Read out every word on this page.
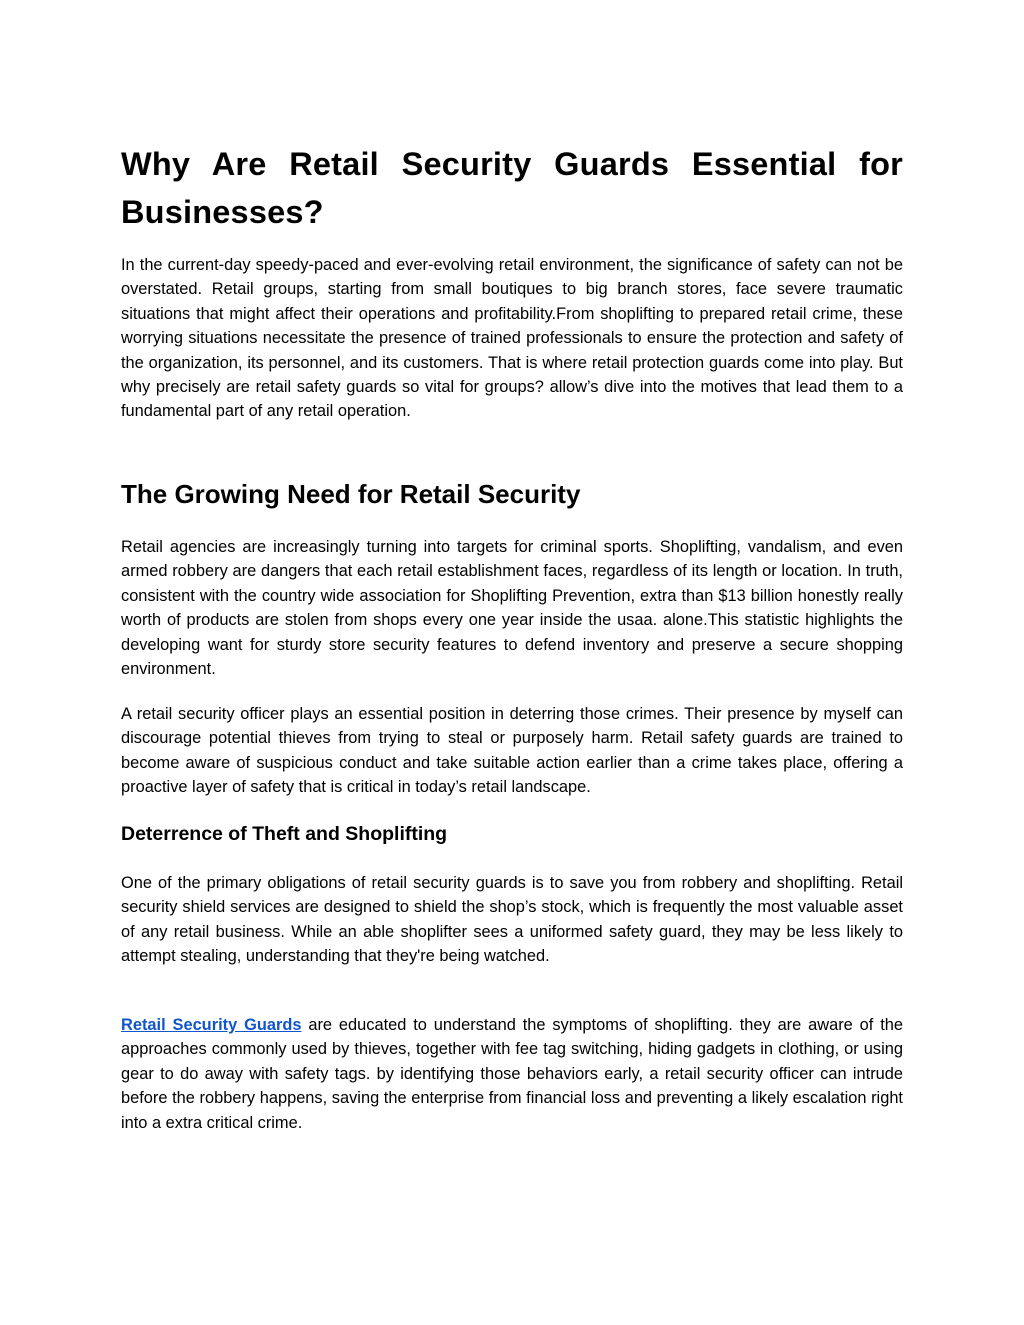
Why Are Retail Security Guards Essential for Businesses?

In the current-day speedy-paced and ever-evolving retail environment, the significance of safety can not be overstated. Retail groups, starting from small boutiques to big branch stores, face severe traumatic situations that might affect their operations and profitability.From shoplifting to prepared retail crime, these worrying situations necessitate the presence of trained professionals to ensure the protection and safety of the organization, its personnel, and its customers. That is where retail protection guards come into play. But why precisely are retail safety guards so vital for groups? allow’s dive into the motives that lead them to a fundamental part of any retail operation.

The Growing Need for Retail Security

Retail agencies are increasingly turning into targets for criminal sports. Shoplifting, vandalism, and even armed robbery are dangers that each retail establishment faces, regardless of its length or location. In truth, consistent with the country wide association for Shoplifting Prevention, extra than $13 billion honestly really worth of products are stolen from shops every one year inside the usaa. alone.This statistic highlights the developing want for sturdy store security features to defend inventory and preserve a secure shopping environment.

A retail security officer plays an essential position in deterring those crimes. Their presence by myself can discourage potential thieves from trying to steal or purposely harm. Retail safety guards are trained to become aware of suspicious conduct and take suitable action earlier than a crime takes place, offering a proactive layer of safety that is critical in today’s retail landscape.

Deterrence of Theft and Shoplifting

One of the primary obligations of retail security guards is to save you from robbery and shoplifting. Retail security shield services are designed to shield the shop’s stock, which is frequently the most valuable asset of any retail business. While an able shoplifter sees a uniformed safety guard, they may be less likely to attempt stealing, understanding that they're being watched.

Retail Security Guards are educated to understand the symptoms of shoplifting. they are aware of the approaches commonly used by thieves, together with fee tag switching, hiding gadgets in clothing, or using gear to do away with safety tags. by identifying those behaviors early, a retail security officer can intrude before the robbery happens, saving the enterprise from financial loss and preventing a likely escalation right into a extra critical crime.
